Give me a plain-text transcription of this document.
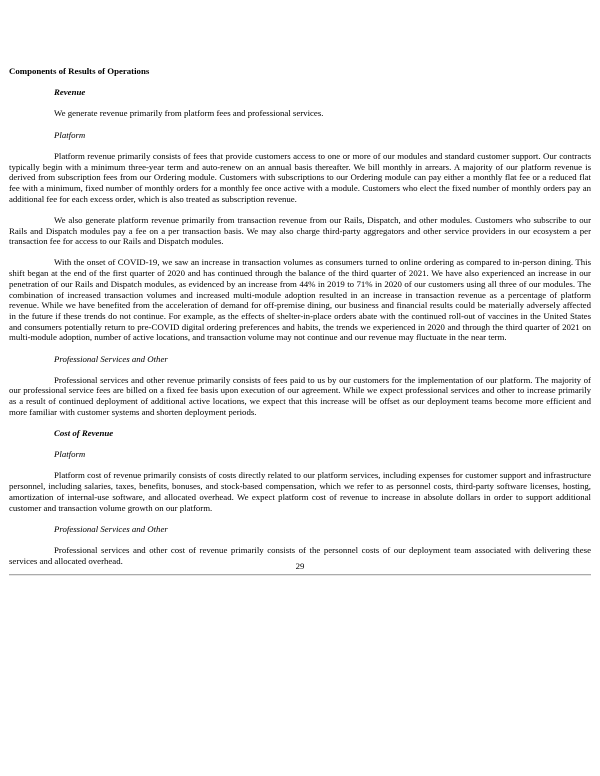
Components of Results of Operations
Revenue

We generate revenue primarily from platform fees and professional services.

Platform

Platform revenue primarily consists of fees that provide customers access to one or more of our modules and standard customer support. Our contracts typically begin with a minimum three-year term and auto-renew on an annual basis thereafter. We bill monthly in arrears. A majority of our platform revenue is derived from subscription fees from our Ordering module. Customers with subscriptions to our Ordering module can pay either a monthly flat fee or a reduced flat fee with a minimum, fixed number of monthly orders for a monthly fee once active with a module. Customers who elect the fixed number of monthly orders pay an additional fee for each excess order, which is also treated as subscription revenue.

We also generate platform revenue primarily from transaction revenue from our Rails, Dispatch, and other modules. Customers who subscribe to our Rails and Dispatch modules pay a fee on a per transaction basis. We may also charge third-party aggregators and other service providers in our ecosystem a per transaction fee for access to our Rails and Dispatch modules.

With the onset of COVID-19, we saw an increase in transaction volumes as consumers turned to online ordering as compared to in-person dining. This shift began at the end of the first quarter of 2020 and has continued through the balance of the third quarter of 2021. We have also experienced an increase in our penetration of our Rails and Dispatch modules, as evidenced by an increase from 44% in 2019 to 71% in 2020 of our customers using all three of our modules. The combination of increased transaction volumes and increased multi-module adoption resulted in an increase in transaction revenue as a percentage of platform revenue. While we have benefited from the acceleration of demand for off-premise dining, our business and financial results could be materially adversely affected in the future if these trends do not continue. For example, as the effects of shelter-in-place orders abate with the continued roll-out of vaccines in the United States and consumers potentially return to pre-COVID digital ordering preferences and habits, the trends we experienced in 2020 and through the third quarter of 2021 on multi-module adoption, number of active locations, and transaction volume may not continue and our revenue may fluctuate in the near term.

Professional Services and Other

Professional services and other revenue primarily consists of fees paid to us by our customers for the implementation of our platform. The majority of our professional service fees are billed on a fixed fee basis upon execution of our agreement. While we expect professional services and other to increase primarily as a result of continued deployment of additional active locations, we expect that this increase will be offset as our deployment teams become more efficient and more familiar with customer systems and shorten deployment periods.

Cost of Revenue
Platform

Platform cost of revenue primarily consists of costs directly related to our platform services, including expenses for customer support and infrastructure personnel, including salaries, taxes, benefits, bonuses, and stock-based compensation, which we refer to as personnel costs, third-party software licenses, hosting, amortization of internal-use software, and allocated overhead. We expect platform cost of revenue to increase in absolute dollars in order to support additional customer and transaction volume growth on our platform.

Professional Services and Other

Professional services and other cost of revenue primarily consists of the personnel costs of our deployment team associated with delivering these services and allocated overhead.

29
